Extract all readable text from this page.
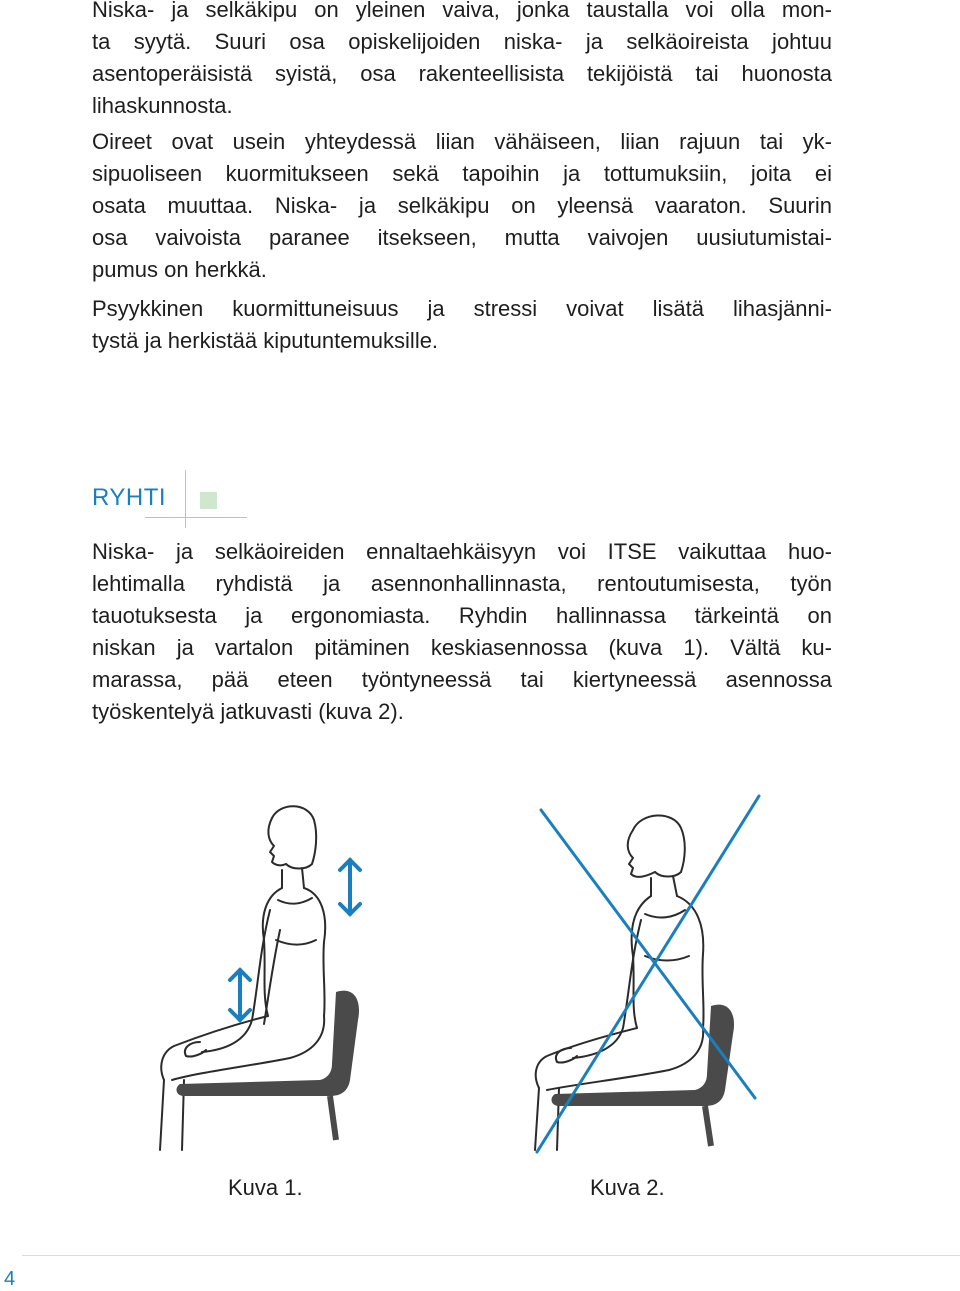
Niska- ja selkäkipu on yleinen vaiva, jonka taustalla voi olla mon-
ta syytä. Suuri osa opiskelijoiden niska- ja selkäoireista johtuu
asentoperäisistä syistä, osa rakenteellisista tekijöistä tai huonosta
lihaskunnosta.
Oireet ovat usein yhteydessä liian vähäiseen, liian rajuun tai yk-
sipuoliseen kuormitukseen sekä tapoihin ja tottumuksiin, joita ei
osata muuttaa. Niska- ja selkäkipu on yleensä vaaraton. Suurin
osa vaivoista paranee itsekseen, mutta vaivojen uusiutumistai-
pumus on herkkä.
Psyykkinen kuormittuneisuus ja stressi voivat lisätä lihasjänni-
tystä ja herkistää kiputuntemuksille.
RYHTI
Niska- ja selkäoireiden ennaltaehkäisyyn voi ITSE vaikuttaa huo-
lehtimalla ryhdistä ja asennonhallinnasta, rentoutumisesta, työn
tauotuksesta ja ergonomiasta. Ryhdin hallinnassa tärkeintä on
niskan ja vartalon pitäminen keskiasennossa (kuva 1). Vältä ku-
marassa, pää eteen työntyneessä tai kiertyneessä asennossa
työskentelyä jatkuvasti (kuva 2).

Kuva 1.	Kuva 2.

4
